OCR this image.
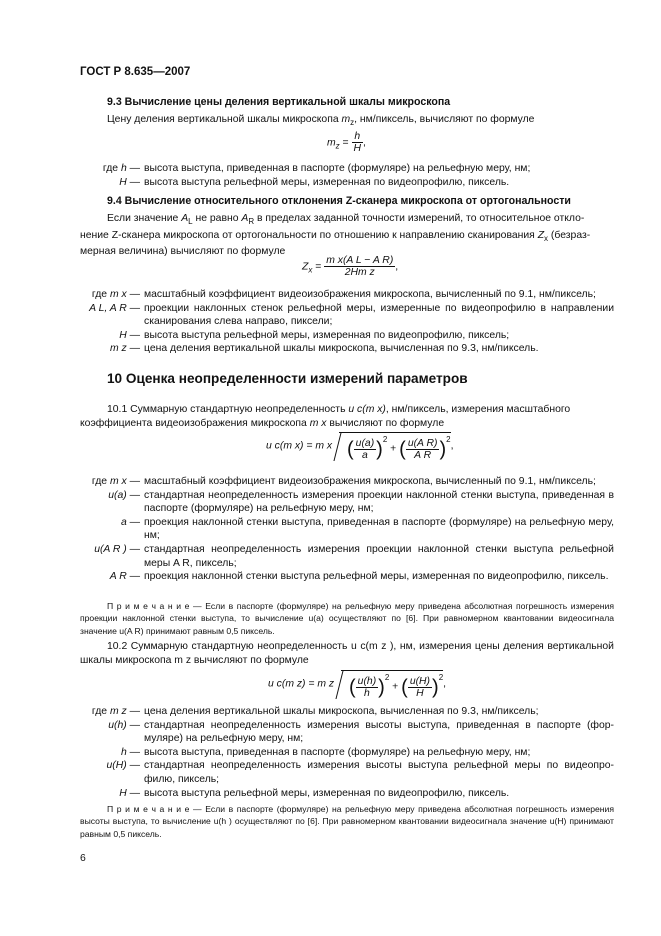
ГОСТ Р 8.635—2007
9.3 Вычисление цены деления вертикальной шкалы микроскопа
Цену деления вертикальной шкалы микроскопа $m_z$, нм/пиксель, вычисляют по формуле
$m_z = \frac{h}{H}$ ,
где h — высота выступа, приведенная в паспорте (формуляре) на рельефную меру, нм;
H — высота выступа рельефной меры, измеренная по видеопрофилю, пиксель.
9.4 Вычисление относительного отклонения Z-сканера микроскопа от ортогональности
Если значение $A_L$ не равно $A_R$ в пределах заданной точности измерений, то относительное откло-
нение Z-сканера микроскопа от ортогональности по отношению к направлению сканирования $Z_x$ (безраз-
мерная величина) вычисляют по формуле
$Z_x = \frac{\text{m x(A L − A R)}}{\text{2Hm z}}$ ,
где m x — масштабный коэффициент видеоизображения микроскопа, вычисленный по 9.1, нм/пиксель;
A L, A R — проекции наклонных стенок рельефной меры, измеренные по видеопрофилю в направлении сканирования слева направо, пиксели;
H — высота выступа рельефной меры, измеренная по видеопрофилю, пиксель;
m z — цена деления вертикальной шкалы микроскопа, вычисленная по 9.3, нм/пиксель.
10 Оценка неопределенности измерений параметров
10.1 Суммарную стандартную неопределенность u c(m x), нм/пиксель, измерения масштабного
коэффициента видеоизображения микроскопа m x вычисляют по формуле
u c(m x) = m x ( $\frac{u(a)}{a} )^2$ + ( $\frac{\text{u(A R)}}{\text{A R}} )^2$,
где m x — масштабный коэффициент видеоизображения микроскопа, вычисленный по 9.1, нм/пиксель;
u(a) — стандартная неопределенность измерения проекции наклонной стенки выступа, приведенная в паспорте (формуляре) на рельефную меру, нм;
a — проекция наклонной стенки выступа, приведенная в паспорте (формуляре) на рельефную меру, нм;
u(A R ) — стандартная неопределенность измерения проекции наклонной стенки выступа рельефной меры A R, пиксель;
A R — проекция наклонной стенки выступа рельефной меры, измеренная по видеопрофилю, пиксель.
П р и м е ч а н и е — Если в паспорте (формуляре) на рельефную меру приведена абсолютная погрешность измерения проекции наклонной стенки выступа, то вычисление u(a) осуществляют по [6]. При равномерном квантовании видеосигнала значение u(A R) принимают равным 0,5 пиксель.
10.2 Суммарную стандартную неопределенность u c(m z ), нм, измерения цены деления вертикальной шкалы микроскопа m z вычисляют по формуле
u c(m z) = m z ( $\frac{u(h)}{h} )^2$ + ( $\frac{u(H)}{H} )^2$,
где m z — цена деления вертикальной шкалы микроскопа, вычисленная по 9.3, нм/пиксель;
u(h) — стандартная неопределенность измерения высоты выступа, приведенная в паспорте (формуляре) на рельефную меру, нм;
h — высота выступа, приведенная в паспорте (формуляре) на рельефную меру, нм;
u(H) — стандартная неопределенность измерения высоты выступа рельефной меры по видеопрофилю, пиксель;
H — высота выступа рельефной меры, измеренная по видеопрофилю, пиксель.
П р и м е ч а н и е — Если в паспорте (формуляре) на рельефную меру приведена абсолютная погрешность измерения высоты выступа, то вычисление u(h ) осуществляют по [6]. При равномерном квантовании видеосигнала значение u(H) принимают равным 0,5 пиксель.
6
